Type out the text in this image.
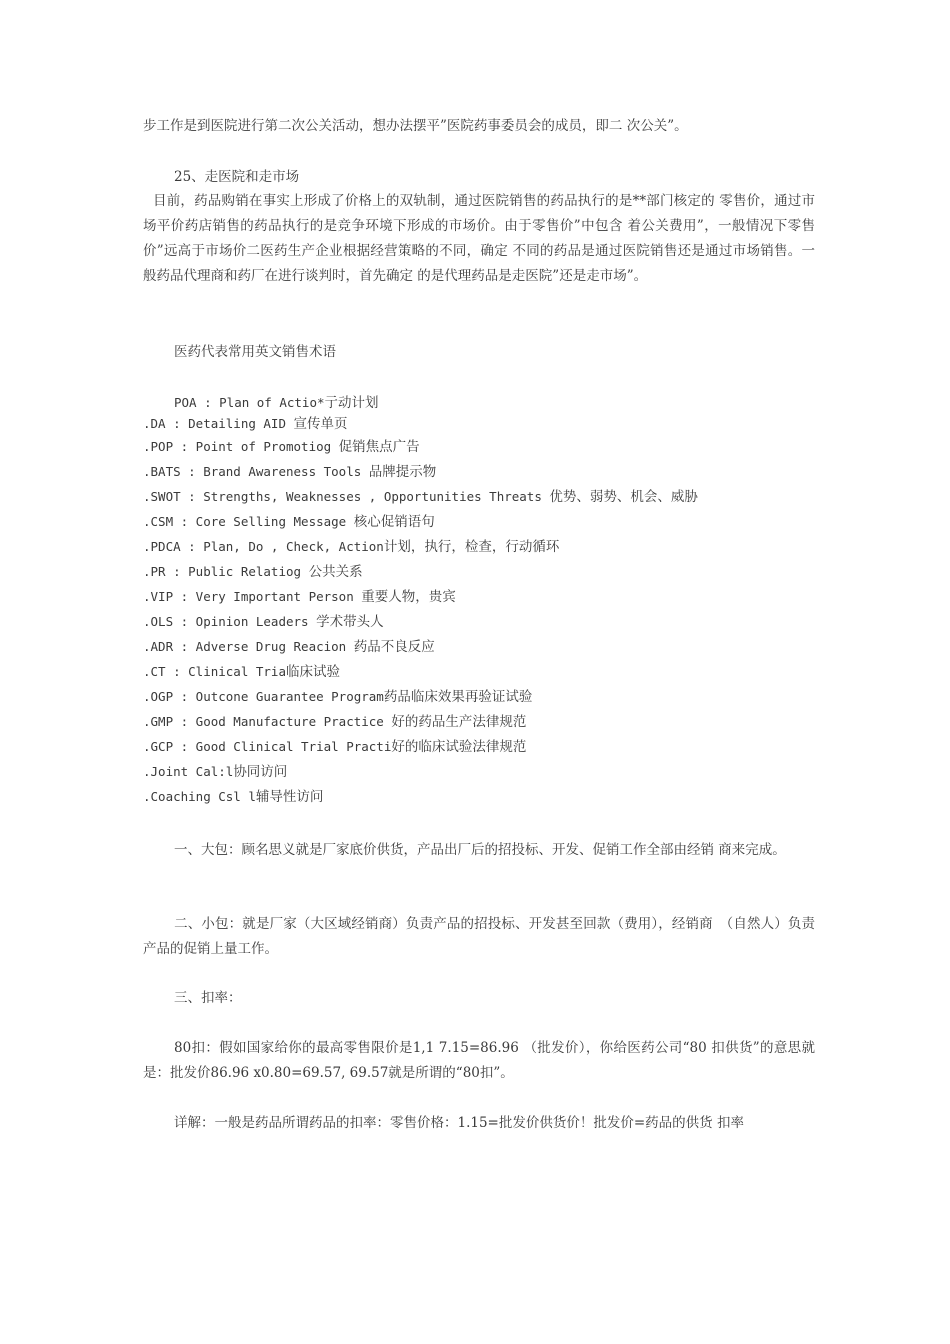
步工作是到医院进行第二次公关活动，想办法摆平”医院药事委员会的成员，即二 次公关”。
25、走医院和走市场
目前，药品购销在事实上形成了价格上的双轨制，通过医院销售的药品执行的是**部门核定的 零售价，通过市场平价药店销售的药品执行的是竞争环境下形成的市场价。由于零售价”中包含 着公关费用”，一般情况下零售价”远高于市场价二医药生产企业根据经营策略的不同，确定 不同的药品是通过医院销售还是通过市场销售。一般药品代理商和药厂在进行谈判时，首先确定 的是代理药品是走医院”还是走市场”。
医药代表常用英文销售术语
POA : Plan of Actio*亍动计划
.DA : Detailing AID 宣传单页
.POP : Point of Promotiog 促销焦点广告
.BATS : Brand Awareness Tools 品牌提示物
.SWOT : Strengths, Weaknesses , Opportunities Threats 优势、弱势、机会、威胁
.CSM : Core Selling Message 核心促销语句
.PDCA : Plan, Do , Check, Action计划，执行，检查，行动循环
.PR : Public Relatiog 公共关系
.VIP : Very Important Person 重要人物，贵宾
.OLS : Opinion Leaders 学术带头人
.ADR : Adverse Drug Reacion 药品不良反应
.CT : Clinical Tria临床试验
.OGP : Outcone Guarantee Program药品临床效果再验证试验
.GMP : Good Manufacture Practice 好的药品生产法律规范
.GCP : Good Clinical Trial Practi好的临床试验法律规范
.Joint Cal:l协同访问
.Coaching Csl l辅导性访问
一、大包：顾名思义就是厂家底价供货，产品出厂后的招投标、开发、促销工作全部由经销 商来完成。
二、小包：就是厂家（大区域经销商）负责产品的招投标、开发甚至回款（费用），经销商　（自然人）负责产品的促销上量工作。
三、扣率：
80扣：假如国家给你的最高零售限价是1,1 7.15=86.96 （批发价），你给医药公司“80 扣供货”的意思就是：批发价86.96 x0.80=69.57, 69.57就是所谓的“80扣”。
详解：一般是药品所谓药品的扣率：零售价格：1.15=批发价供货价！批发价=药品的供货 扣率
